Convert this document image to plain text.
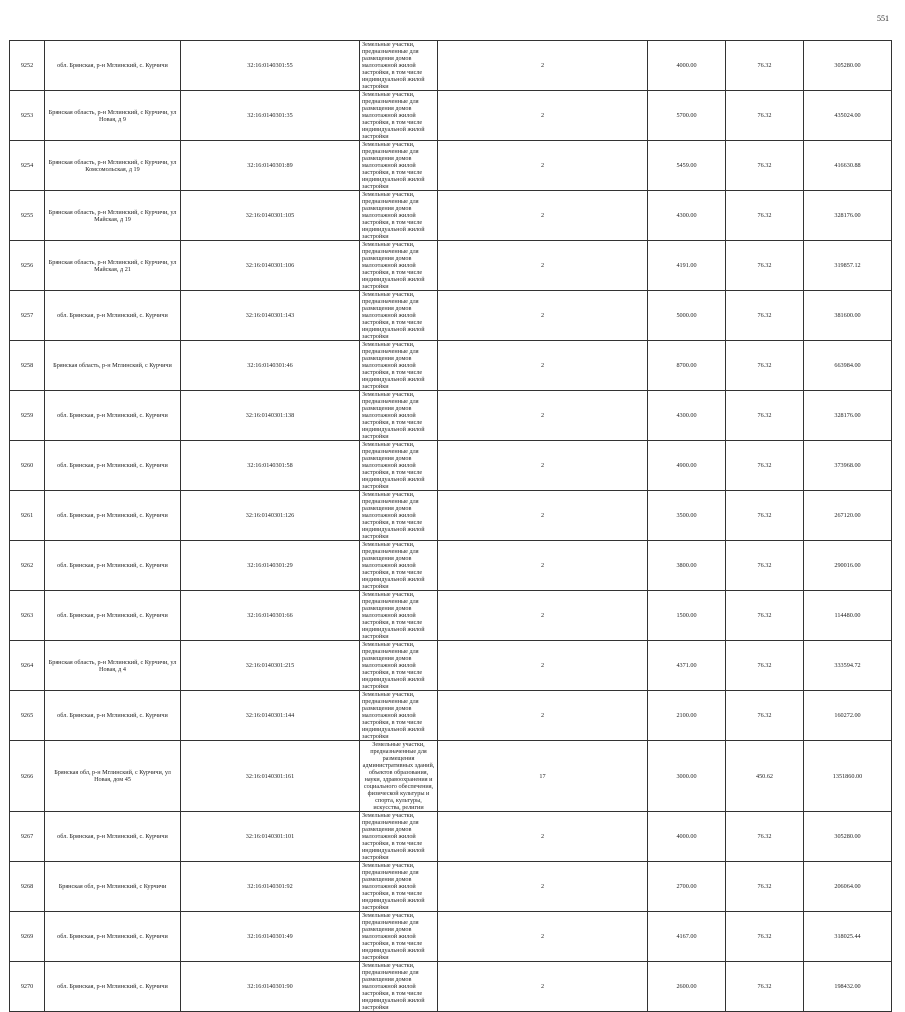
551
9252	обл. Брянская, р-н Мглинский, с. Курчичи	32:16:0140301:55	Земельные участки, предназначенные для размещения домов малоэтажной жилой застройки, в том числе индивидуальной жилой застройки	2	4000.00	76.32	305280.00
9253	Брянская область, р-н Мглинский, с Курчичи, ул Новая, д 9	32:16:0140301:35	Земельные участки, предназначенные для размещения домов малоэтажной жилой застройки, в том числе индивидуальной жилой застройки	2	5700.00	76.32	435024.00
9254	Брянская область, р-н Мглинский, с Курчичи, ул Комсомольская, д 19	32:16:0140301:89	Земельные участки, предназначенные для размещения домов малоэтажной жилой застройки, в том числе индивидуальной жилой застройки	2	5459.00	76.32	416630.88
9255	Брянская область, р-н Мглинский, с Курчичи, ул Майская, д 19	32:16:0140301:105	Земельные участки, предназначенные для размещения домов малоэтажной жилой застройки, в том числе индивидуальной жилой застройки	2	4300.00	76.32	328176.00
9256	Брянская область, р-н Мглинский, с Курчичи, ул Майская, д 21	32:16:0140301:106	Земельные участки, предназначенные для размещения домов малоэтажной жилой застройки, в том числе индивидуальной жилой застройки	2	4191.00	76.32	319857.12
9257	обл. Брянская, р-н Мглинский, с. Курчичи	32:16:0140301:143	Земельные участки, предназначенные для размещения домов малоэтажной жилой застройки, в том числе индивидуальной жилой застройки	2	5000.00	76.32	381600.00
9258	Брянская область, р-н Мглинский, с Курчичи	32:16:0140301:46	Земельные участки, предназначенные для размещения домов малоэтажной жилой застройки, в том числе индивидуальной жилой застройки	2	8700.00	76.32	663984.00
9259	обл. Брянская, р-н Мглинский, с. Курчичи	32:16:0140301:138	Земельные участки, предназначенные для размещения домов малоэтажной жилой застройки, в том числе индивидуальной жилой застройки	2	4300.00	76.32	328176.00
9260	обл. Брянская, р-н Мглинский, с. Курчичи	32:16:0140301:58	Земельные участки, предназначенные для размещения домов малоэтажной жилой застройки, в том числе индивидуальной жилой застройки	2	4900.00	76.32	373968.00
9261	обл. Брянская, р-н Мглинский, с. Курчичи	32:16:0140301:126	Земельные участки, предназначенные для размещения домов малоэтажной жилой застройки, в том числе индивидуальной жилой застройки	2	3500.00	76.32	267120.00
9262	обл. Брянская, р-н Мглинский, с. Курчичи	32:16:0140301:29	Земельные участки, предназначенные для размещения домов малоэтажной жилой застройки, в том числе индивидуальной жилой застройки	2	3800.00	76.32	290016.00
9263	обл. Брянская, р-н Мглинский, с. Курчичи	32:16:0140301:66	Земельные участки, предназначенные для размещения домов малоэтажной жилой застройки, в том числе индивидуальной жилой застройки	2	1500.00	76.32	114480.00
9264	Брянская область, р-н Мглинский, с Курчичи, ул Новая, д 4	32:16:0140301:215	Земельные участки, предназначенные для размещения домов малоэтажной жилой застройки, в том числе индивидуальной жилой застройки	2	4371.00	76.32	333594.72
9265	обл. Брянская, р-н Мглинский, с. Курчичи	32:16:0140301:144	Земельные участки, предназначенные для размещения домов малоэтажной жилой застройки, в том числе индивидуальной жилой застройки	2	2100.00	76.32	160272.00
9266	Брянская обл, р-н Мглинский, с Курчичи, ул Новая, дом 45	32:16:0140301:161	Земельные участки, предназначенные для размещения административных зданий, объектов образования, науки, здравоохранения и социального обеспечения, физической культуры и спорта, культуры, искусства, религии	17	3000.00	450.62	1351860.00
9267	обл. Брянская, р-н Мглинский, с. Курчичи	32:16:0140301:101	Земельные участки, предназначенные для размещения домов малоэтажной жилой застройки, в том числе индивидуальной жилой застройки	2	4000.00	76.32	305280.00
9268	Брянская обл, р-н Мглинский, с Курчичи	32:16:0140301:92	Земельные участки, предназначенные для размещения домов малоэтажной жилой застройки, в том числе индивидуальной жилой застройки	2	2700.00	76.32	206064.00
9269	обл. Брянская, р-н Мглинский, с. Курчичи	32:16:0140301:49	Земельные участки, предназначенные для размещения домов малоэтажной жилой застройки, в том числе индивидуальной жилой застройки	2	4167.00	76.32	318025.44
9270	обл. Брянская, р-н Мглинский, с. Курчичи	32:16:0140301:90	Земельные участки, предназначенные для размещения домов малоэтажной жилой застройки, в том числе индивидуальной жилой застройки	2	2600.00	76.32	198432.00
